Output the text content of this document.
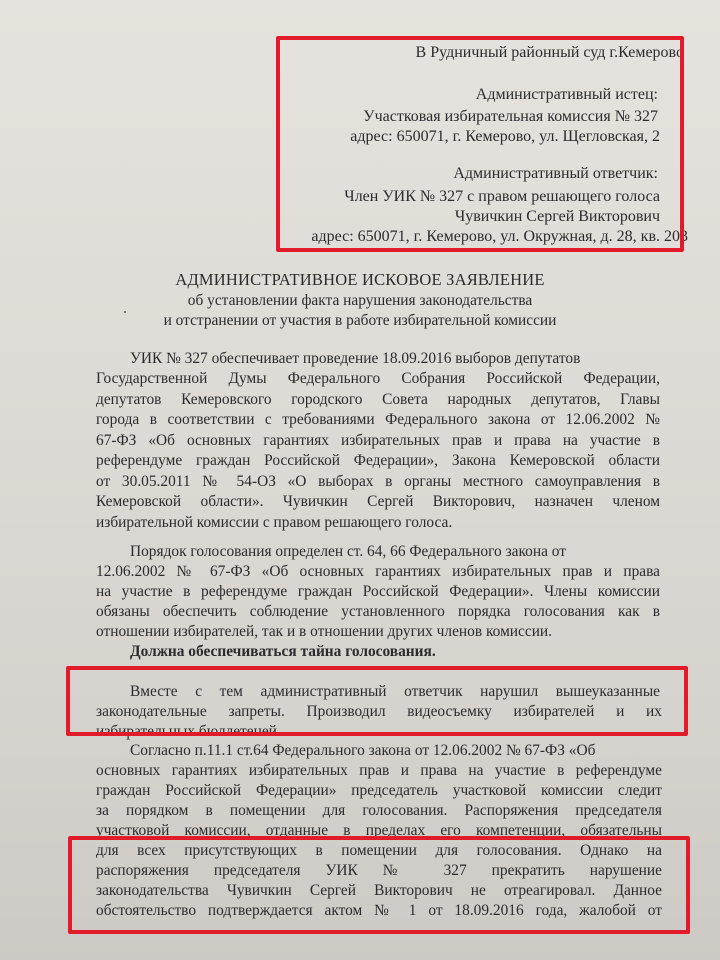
В Рудничный районный суд г.Кемерово
Административный истец:
Участковая избирательная комиссия № 327
адрес: 650071, г. Кемерово, ул. Щегловская, 2
Административный ответчик:
Член УИК № 327 с правом решающего голоса
Чувичкин Сергей Викторович
адрес: 650071, г. Кемерово, ул. Окружная, д. 28, кв. 203
АДМИНИСТРАТИВНОЕ ИСКОВОЕ ЗАЯВЛЕНИЕ
об установлении факта нарушения законодательства
и отстранении от участия в работе избирательной комиссии
УИК № 327 обеспечивает проведение 18.09.2016 выборов депутатов
Государственной Думы Федерального Собрания Российской Федерации,
депутатов Кемеровского городского Совета народных депутатов, Главы
города в соответствии с требованиями Федерального закона от 12.06.2002 №
67-ФЗ «Об основных гарантиях избирательных прав и права на участие в
референдуме граждан Российской Федерации», Закона Кемеровской области
от 30.05.2011 № 54-ОЗ «О выборах в органы местного самоуправления в
Кемеровской области». Чувичкин Сергей Викторович, назначен членом
избирательной комиссии с правом решающего голоса.
Порядок голосования определен ст. 64, 66 Федерального закона от
12.06.2002 № 67-ФЗ «Об основных гарантиях избирательных прав и права
на участие в референдуме граждан Российской Федерации». Члены комиссии
обязаны обеспечить соблюдение установленного порядка голосования как в
отношении избирателей, так и в отношении других членов комиссии.
Должна обеспечиваться тайна голосования.
Вместе с тем административный ответчик нарушил вышеуказанные
законодательные запреты. Производил видеосъемку избирателей и их
избирательных бюллетеней.
Согласно п.11.1 ст.64 Федерального закона от 12.06.2002 № 67-ФЗ «Об
основных гарантиях избирательных прав и права на участие в референдуме
граждан Российской Федерации» председатель участковой комиссии следит
за порядком в помещении для голосования. Распоряжения председателя
участковой комиссии, отданные в пределах его компетенции, обязательны
для всех присутствующих в помещении для голосования. Однако на
распоряжения председателя УИК № 327 прекратить нарушение
законодательства Чувичкин Сергей Викторович не отреагировал. Данное
обстоятельство подтверждается актом № 1 от 18.09.2016 года, жалобой от
